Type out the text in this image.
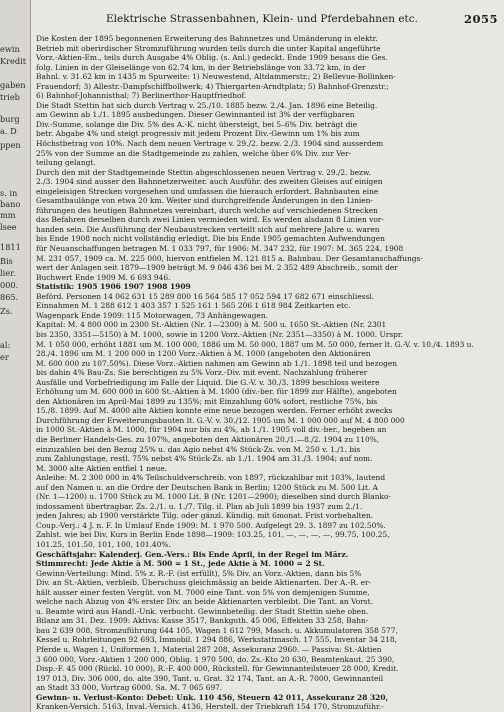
ewin
Kredit
gaben
trieb
burg
a. D
ppen
s. in
bano
mm
lsee
1811
Bis
lier.
000.
865.
Zs.
al:
er
Elektrische Strassenbahnen, Klein- und Pferdebahnen etc.	2055
Die Kosten der 1895 begonnenen Erweiterung des Bahnnetzes und Umänderung in elektr.
Betrieb mit oberirdischer Stromzuführung wurden teils durch die unter Kapital angeführte
Vorz.-Aktien-Em., teils durch Ausgabe 4% Oblig. (s. Anl.) gedeckt. Ende 1909 besass die Ges.
folg. Linien in der Gleiselänge von 62.74 km, in der Betriebslänge von 33.72 km, in der
Bahnl. v. 31.62 km in 1435 m Spurweite: 1) Neuwestend, Altdammerstr.; 2) Bellevue-Bollinken-
Frauendorf; 3) Allestr.-Dampfschiffbollwerk; 4) Thiergarten-Arndtplatz; 5) Bahnhof-Grenzstr.;
6) Bahnhof-Johannisthal; 7) Berlinerthor-Hauptfriedhof.
Die Stadt Stettin hat sich durch Vertrag v. 25./10. 1885 bezw. 2./4. Jan. 1896 eine Beteilig.
am Gewinn ab 1./1. 1895 ausbedungen. Dieser Gewinnanteil ist 3% der verfügbaren
Div.-Summe, solange die Div. 5% des A.-K. nicht übersteigt, bei 5–6% Div. beträgt die
betr. Abgabe 4% und steigt progressiv mit jedem Prozent Div.-Gewinn um 1% bis zum
Höchstbetrag von 10%. Nach dem neuen Vertrage v. 29./2. bezw. 2./3. 1904 sind ausserdem
25% von der Summe an die Stadtgemeinde zu zahlen, welche über 6% Div. zur Ver-
teilung gelangt.
Durch den mit der Stadtgemeinde Stettin abgeschlossenen neuen Vertrag v. 29./2. bezw.
2./3. 1904 sind ausser den Bahnnetzerweiter. auch Ausführ. des zweiten Gleises auf einigen
eingeleisigen Strecken vorgesehen und umfassen die hierauch erfordert. Bahnbauten eine
Gesamtbaulänge von etwa 20 km. Weiter sind durchgreifende Änderungen in den Linien-
führungen des heutigen Bahnnetzes vereinbart, durch welche auf verschiedenen Strecken
das Befahren derselben durch zwei Linien vermieden wird. Es werden alsdann 8 Linien vor-
handen sein. Die Ausführung der Neubaustrecken verteilt sich auf mehrere Jahre u. waren
bis Ende 1908 noch nicht vollständig erledigt. Die bis Ende 1905 gemachten Aufwendungen
für Neuanschaffungen betragen M. 1 033 797, für 1906: M. 347 232, für 1907: M. 365 224, 1908
M. 231 057, 1909 ca. M. 225 000, hiervon entfielen M. 121 815 a. Bahnbau. Der Gesamtanschaffungs-
wert der Anlagen seit 1879—1909 beträgt M. 9 046 436 bei M. 2 352 489 Abschreib., somit der
Buchwert Ende 1909 M. 6 693 946.
Statistik: 1905 1906 1907 1908 1909
Beförd. Personen 14 062 631 15 289 800 16 564 585 17 052 594 17 682 671 einschliessl.
Einnahmen M. 1 288 612 1 403 357 1 525 161 1 565 206 1 618 984 Zeitkarten etc.
Wagenpark Ende 1909: 115 Motorwagen, 73 Anhängewagen.
Kapital: M. 4 800 000 in 2300 St.-Aktien (Nr. 1—2300) à M. 500 u. 1650 St.-Aktien (Nr. 2301
bis 2350, 3351—5150) à M. 1000, sowie in 1200 Vorz.-Aktien (Nr. 2351—3350) à M. 1000. Urspr.
M. 1 050 000, erhöht 1881 um M. 100 000, 1886 um M. 50 000, 1887 um M. 50 000, ferner lt. G.-V. v. 10./4. 1893 u.
28./4. 1896 um M. 1 200 000 in 1200 Vorz.-Aktien à M. 1000 (angeboten den Aktionären
M. 600 000 zu 107.50%). Diese Vorz.-Aktien nahmen am Gewinn ab 1./1. 1898 teil und bezogen
bis dahin 4% Bau-Zs. Sie berechtigen zu 5% Vorz.-Div. mit event. Nachzahlung früherer
Ausfälle und Vorbefriedigung im Falle der Liquid. Die G.-V. v. 30./3. 1899 beschloss weitere
Erhöhung um M. 600 000 in 600 St.-Aktien à M. 1000 (div.-ber. für 1899 zur Hälfte), angeboten
den Aktionären im April-Mai 1899 zu 135%; mit Einzahlung 60% sofort, restliche 75%, bis
15./8. 1899. Auf M. 4000 alte Aktien konnte eine neue bezogen werden. Ferner erhöht zwecks
Durchführung der Erweiterungsbauten lt. G.-V. v. 30./12. 1905 um M. 1 000 000 auf M. 4 800 000
in 1000 St.-Aktien à M. 1000, für 1904 nur bis zu 4%, ab 1./1. 1905 voll div.-ber., begeben an
die Berliner Handels-Ges. zu 107%, angeboten den Aktionären 20./1.—8./2. 1904 zu 110%,
einzuzahlen bei den Bezug 25% u. das Agio nebst 4% Stück-Zs. von M. 250 v. 1./1. bis
zum Zahlungstage, restl. 75% nebst 4% Stück-Zs. ab 1./1. 1904 am 31./3. 1904; auf nom.
M. 3000 alte Aktien entfiel 1 neue.
Anleihe: M. 2 300 000 in 4% Teilschuldverschreib. von 1897, rückzahlbar mit 103%, lautend
auf den Namen u. an die Ordre der Deutschen Bank in Berlin; 1200 Stück zu M. 500 Lit. A
(Nr. 1—1200) u. 1700 Stück zu M. 1000 Lit. B (Nr. 1201—2900); dieselben sind durch Blanko-
indossament übertragbar. Zs. 2./1. u. 1./7. Tilg. il. Plan ab Juli 1899 bis 1937 zum 2./1.
jeden Jahres; ab 1900 verstärkte Tilg. oder gänzl. Kündig. mit 6monat. Frist vorbehalten.
Coup.-Verj.: 4 J. n. F. In Umlauf Ende 1909: M. 1 970 500. Aufgelegt 29. 3. 1897 zu 102.50%.
Zahlst. wie bei Div. Kurs in Berlin Ende 1898—1909: 103.25, 101, —, —, —, —, 99.75, 100.25,
101.25, 101.50, 101, 100, 101.40%.
Geschäftsjahr: Kalenderj. Gen.-Vers.: Bis Ende April, in der Regel im März.
Stimmrecht: Jede Aktie à M. 500 = 1 St., jede Aktie à M. 1000 = 2 St.
Gewinn-Verteilung: Mind. 5% z. R.-F. (ist erfüllt), 5% Div. an Vorz.-Aktien, dann bis 5%
Div. an St.-Aktien, verbleib. Überschuss gleichmässig an beide Aktienarten. Der A.-R. er-
hält ausser einer festen Vergüt. von M. 7000 eine Tant. von 5% von demjenigen Summe,
welche nach Abzug von 4% erster Div. an beide Aktienarten verbleibt. Die Tant. an Vorst.
u. Beamte wird aus Handl.-Unk. verbucht. Gewinnbeteilig. der Stadt Stettin siehe oben.
Bilanz am 31. Dez. 1909: Aktiva: Kasse 3517, Bankguth. 45 006, Effekten 33 258, Bahn-
bau 2 639 008, Stromzuführung 644 105, Wagen 1 612 799, Masch. u. Akkumulatoren 358 577,
Kessel u. Rohrleitungen 92 693, Immobil. 1 294 886, Werkstattmasch. 17 555, Inventar 34 218,
Pferde u. Wagen 1, Uniformen 1, Material 287 208, Assekuranz 2960. — Passiva: St.-Aktien
3 600 000, Vorz.-Aktien 1 200 000, Oblig. 1 970 500, do. Zs.-Kto 20 630, Beamtenkaut. 25 390,
Disp.-F. 45 000 (Rückl. 10 000), R.-F. 400 000, Rückstell. für Gewinnanteilsteuer 28 000, Kredit.
197 013, Div. 306 000, do. alte 390, Tant. u. Grat. 32 174, Tant. an A.-R. 7000, Gewinnanteil
an Stadt 33 000, Vortrag 6000. Sa. M. 7 065 697.
Gewinn- u. Verlust-Konto: Debet: Unk. 110 456, Steuern 42 011, Assekuranz 28 320,
Kranken-Versich. 5163, Inval.-Versich. 4136, Herstell. der Triebkraft 154 170, Stromzuführ.-
